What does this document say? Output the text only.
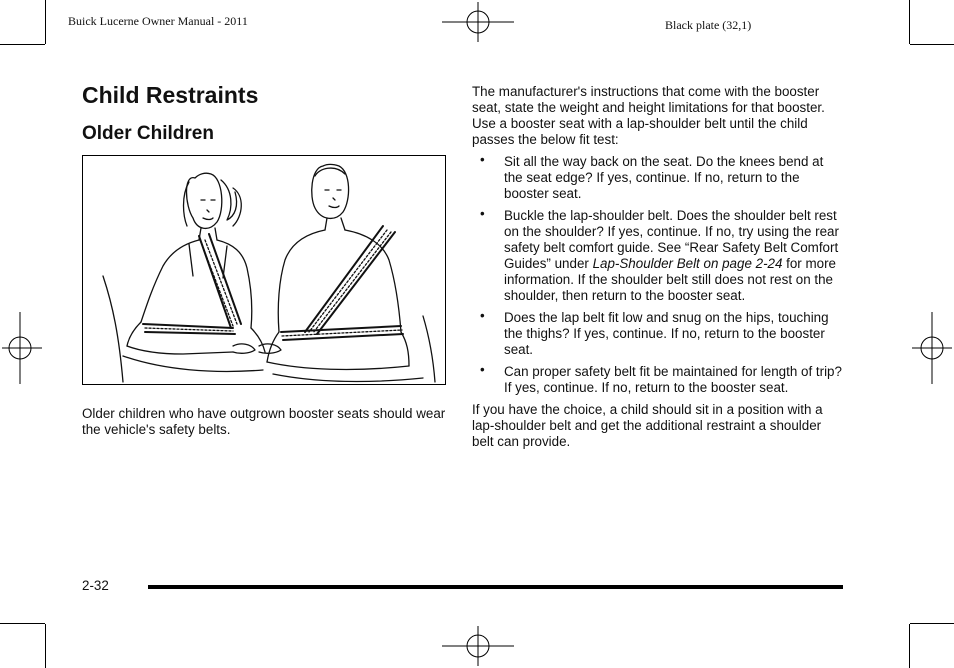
Buick Lucerne Owner Manual - 2011	Black plate (32,1)
Child Restraints
Older Children

Older children who have outgrown booster seats should wear the vehicle's safety belts.

The manufacturer's instructions that come with the booster seat, state the weight and height limitations for that booster. Use a booster seat with a lap-shoulder belt until the child passes the below fit test:

• Sit all the way back on the seat. Do the knees bend at the seat edge? If yes, continue. If no, return to the booster seat.
• Buckle the lap-shoulder belt. Does the shoulder belt rest on the shoulder? If yes, continue. If no, try using the rear safety belt comfort guide. See “Rear Safety Belt Comfort Guides” under Lap-Shoulder Belt on page 2-24 for more information. If the shoulder belt still does not rest on the shoulder, then return to the booster seat.
• Does the lap belt fit low and snug on the hips, touching the thighs? If yes, continue. If no, return to the booster seat.
• Can proper safety belt fit be maintained for length of trip? If yes, continue. If no, return to the booster seat.

If you have the choice, a child should sit in a position with a lap-shoulder belt and get the additional restraint a shoulder belt can provide.

2-32
